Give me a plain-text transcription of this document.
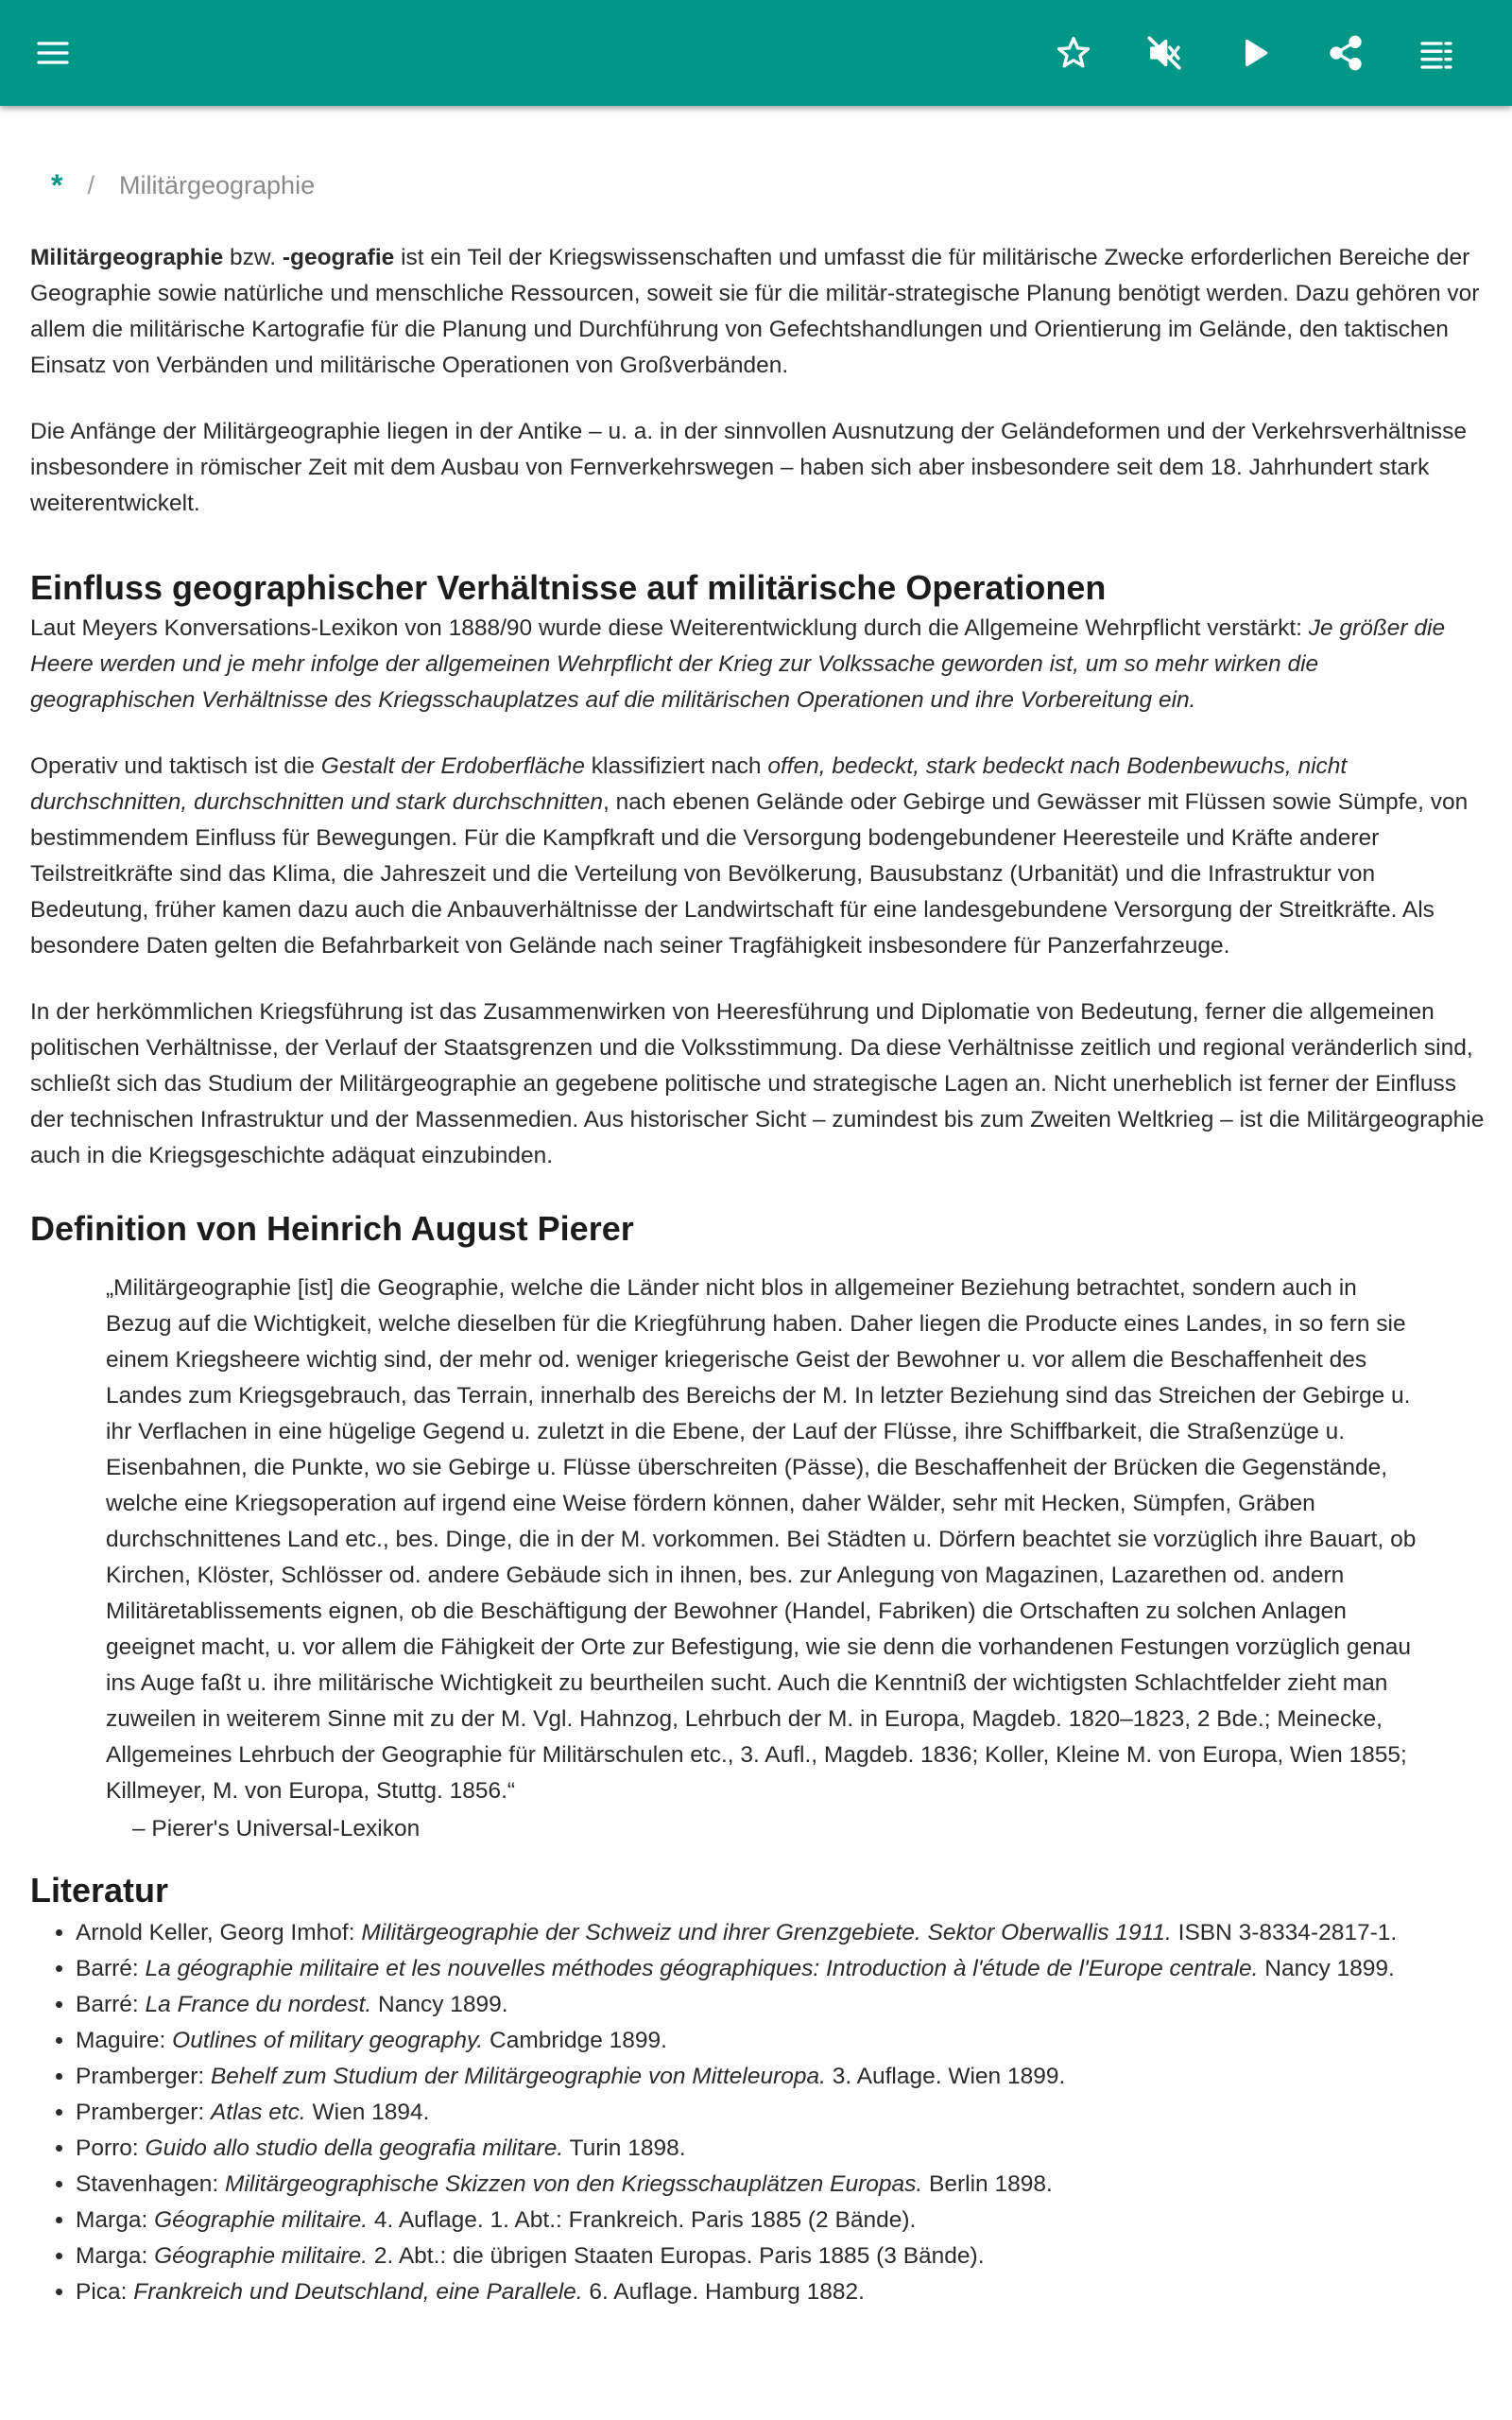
* / Militärgeographie

Militärgeographie bzw. -geografie ist ein Teil der Kriegswissenschaften und umfasst die für militärische Zwecke erforderlichen Bereiche der Geographie sowie natürliche und menschliche Ressourcen, soweit sie für die militär-strategische Planung benötigt werden. Dazu gehören vor allem die militärische Kartografie für die Planung und Durchführung von Gefechtshandlungen und Orientierung im Gelände, den taktischen Einsatz von Verbänden und militärische Operationen von Großverbänden.

Die Anfänge der Militärgeographie liegen in der Antike – u. a. in der sinnvollen Ausnutzung der Geländeformen und der Verkehrsverhältnisse insbesondere in römischer Zeit mit dem Ausbau von Fernverkehrswegen – haben sich aber insbesondere seit dem 18. Jahrhundert stark weiterentwickelt.

Einfluss geographischer Verhältnisse auf militärische Operationen

Laut Meyers Konversations-Lexikon von 1888/90 wurde diese Weiterentwicklung durch die Allgemeine Wehrpflicht verstärkt: Je größer die Heere werden und je mehr infolge der allgemeinen Wehrpflicht der Krieg zur Volkssache geworden ist, um so mehr wirken die geographischen Verhältnisse des Kriegsschauplatzes auf die militärischen Operationen und ihre Vorbereitung ein.

Operativ und taktisch ist die Gestalt der Erdoberfläche klassifiziert nach offen, bedeckt, stark bedeckt nach Bodenbewuchs, nicht durchschnitten, durchschnitten und stark durchschnitten, nach ebenen Gelände oder Gebirge und Gewässer mit Flüssen sowie Sümpfe, von bestimmendem Einfluss für Bewegungen. Für die Kampfkraft und die Versorgung bodengebundener Heeresteile und Kräfte anderer Teilstreitkräfte sind das Klima, die Jahreszeit und die Verteilung von Bevölkerung, Bausubstanz (Urbanität) und die Infrastruktur von Bedeutung, früher kamen dazu auch die Anbauverhältnisse der Landwirtschaft für eine landesgebundene Versorgung der Streitkräfte. Als besondere Daten gelten die Befahrbarkeit von Gelände nach seiner Tragfähigkeit insbesondere für Panzerfahrzeuge.

In der herkömmlichen Kriegsführung ist das Zusammenwirken von Heeresführung und Diplomatie von Bedeutung, ferner die allgemeinen politischen Verhältnisse, der Verlauf der Staatsgrenzen und die Volksstimmung. Da diese Verhältnisse zeitlich und regional veränderlich sind, schließt sich das Studium der Militärgeographie an gegebene politische und strategische Lagen an. Nicht unerheblich ist ferner der Einfluss der technischen Infrastruktur und der Massenmedien. Aus historischer Sicht – zumindest bis zum Zweiten Weltkrieg – ist die Militärgeographie auch in die Kriegsgeschichte adäquat einzubinden.

Definition von Heinrich August Pierer
„Militärgeographie [ist] die Geographie, welche die Länder nicht blos in allgemeiner Beziehung betrachtet, sondern auch in Bezug auf die Wichtigkeit, welche dieselben für die Kriegführung haben. Daher liegen die Producte eines Landes, in so fern sie einem Kriegsheere wichtig sind, der mehr od. weniger kriegerische Geist der Bewohner u. vor allem die Beschaffenheit des Landes zum Kriegsgebrauch, das Terrain, innerhalb des Bereichs der M. In letzter Beziehung sind das Streichen der Gebirge u. ihr Verflachen in eine hügelige Gegend u. zuletzt in die Ebene, der Lauf der Flüsse, ihre Schiffbarkeit, die Straßenzüge u. Eisenbahnen, die Punkte, wo sie Gebirge u. Flüsse überschreiten (Pässe), die Beschaffenheit der Brücken die Gegenstände, welche eine Kriegsoperation auf irgend eine Weise fördern können, daher Wälder, sehr mit Hecken, Sümpfen, Gräben durchschnittenes Land etc., bes. Dinge, die in der M. vorkommen. Bei Städten u. Dörfern beachtet sie vorzüglich ihre Bauart, ob Kirchen, Klöster, Schlösser od. andere Gebäude sich in ihnen, bes. zur Anlegung von Magazinen, Lazarethen od. andern Militäretablissements eignen, ob die Beschäftigung der Bewohner (Handel, Fabriken) die Ortschaften zu solchen Anlagen geeignet macht, u. vor allem die Fähigkeit der Orte zur Befestigung, wie sie denn die vorhandenen Festungen vorzüglich genau ins Auge faßt u. ihre militärische Wichtigkeit zu beurtheilen sucht. Auch die Kenntniß der wichtigsten Schlachtfelder zieht man zuweilen in weiterem Sinne mit zu der M. Vgl. Hahnzog, Lehrbuch der M. in Europa, Magdeb. 1820–1823, 2 Bde.; Meinecke, Allgemeines Lehrbuch der Geographie für Militärschulen etc., 3. Aufl., Magdeb. 1836; Koller, Kleine M. von Europa, Wien 1855; Killmeyer, M. von Europa, Stuttg. 1856.“
– Pierer's Universal-Lexikon
Literatur
• Arnold Keller, Georg Imhof: Militärgeographie der Schweiz und ihrer Grenzgebiete. Sektor Oberwallis 1911. ISBN 3-8334-2817-1.
• Barré: La géographie militaire et les nouvelles méthodes géographiques: Introduction à l'étude de l'Europe centrale. Nancy 1899.
• Barré: La France du nordest. Nancy 1899.
• Maguire: Outlines of military geography. Cambridge 1899.
• Pramberger: Behelf zum Studium der Militärgeographie von Mitteleuropa. 3. Auflage. Wien 1899.
• Pramberger: Atlas etc. Wien 1894.
• Porro: Guido allo studio della geografia militare. Turin 1898.
• Stavenhagen: Militärgeographische Skizzen von den Kriegsschauplätzen Europas. Berlin 1898.
• Marga: Géographie militaire. 4. Auflage. 1. Abt.: Frankreich. Paris 1885 (2 Bände).
• Marga: Géographie militaire. 2. Abt.: die übrigen Staaten Europas. Paris 1885 (3 Bände).
• Pica: Frankreich und Deutschland, eine Parallele. 6. Auflage. Hamburg 1882.
